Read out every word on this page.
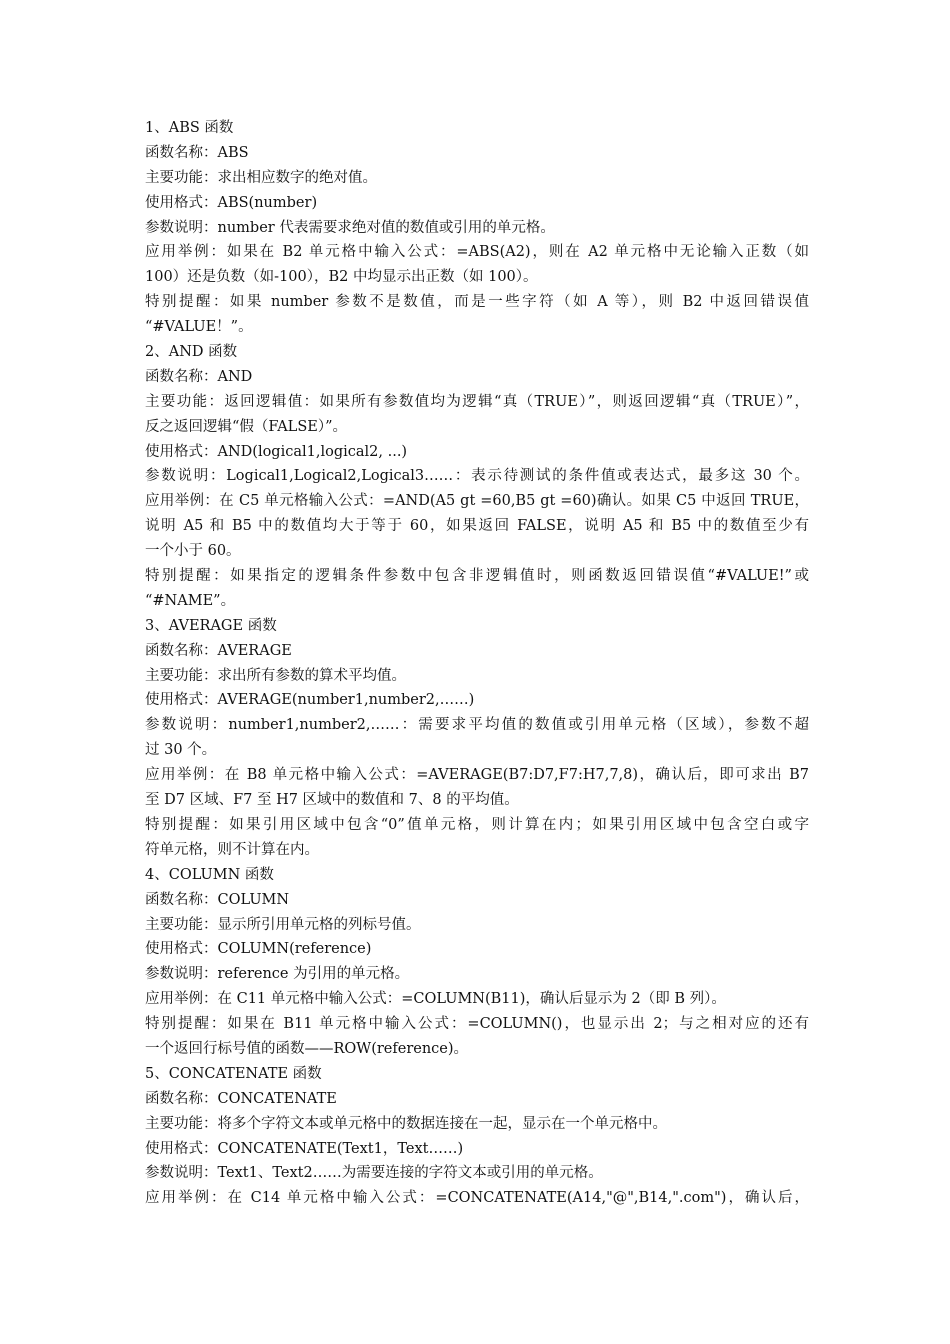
1、ABS 函数
函数名称：ABS
主要功能：求出相应数字的绝对值。
使用格式：ABS(number)
参数说明：number 代表需要求绝对值的数值或引用的单元格。
应用举例：如果在 B2 单元格中输入公式：=ABS(A2)，则在 A2 单元格中无论输入正数（如
100）还是负数（如-100），B2 中均显示出正数（如 100）。
特别提醒：如果 number 参数不是数值，而是一些字符（如 A 等），则 B2 中返回错误值
“#VALUE！”。
2、AND 函数
函数名称：AND
主要功能：返回逻辑值：如果所有参数值均为逻辑“真（TRUE）”，则返回逻辑“真（TRUE）”，
反之返回逻辑“假（FALSE）”。
使用格式：AND(logical1,logical2, ...)
参数说明：Logical1,Logical2,Logical3……：表示待测试的条件值或表达式，最多这 30 个。
应用举例：在 C5 单元格输入公式：=AND(A5 gt =60,B5 gt =60)确认。如果 C5 中返回 TRUE，
说明 A5 和 B5 中的数值均大于等于 60，如果返回 FALSE，说明 A5 和 B5 中的数值至少有
一个小于 60。
特别提醒：如果指定的逻辑条件参数中包含非逻辑值时，则函数返回错误值“#VALUE!”或
“#NAME”。
3、AVERAGE 函数
函数名称：AVERAGE
主要功能：求出所有参数的算术平均值。
使用格式：AVERAGE(number1,number2,……)
参数说明：number1,number2,……：需要求平均值的数值或引用单元格（区域），参数不超
过 30 个。
应用举例：在 B8 单元格中输入公式：=AVERAGE(B7:D7,F7:H7,7,8)，确认后，即可求出 B7
至 D7 区域、F7 至 H7 区域中的数值和 7、8 的平均值。
特别提醒：如果引用区域中包含“0”值单元格，则计算在内；如果引用区域中包含空白或字
符单元格，则不计算在内。
4、COLUMN 函数
函数名称：COLUMN
主要功能：显示所引用单元格的列标号值。
使用格式：COLUMN(reference)
参数说明：reference 为引用的单元格。
应用举例：在 C11 单元格中输入公式：=COLUMN(B11)，确认后显示为 2（即 B 列）。
特别提醒：如果在 B11 单元格中输入公式：=COLUMN()，也显示出 2；与之相对应的还有
一个返回行标号值的函数——ROW(reference)。
5、CONCATENATE 函数
函数名称：CONCATENATE
主要功能：将多个字符文本或单元格中的数据连接在一起，显示在一个单元格中。
使用格式：CONCATENATE(Text1，Text……)
参数说明：Text1、Text2……为需要连接的字符文本或引用的单元格。
应用举例：在 C14 单元格中输入公式：=CONCATENATE(A14,"@",B14,".com")，确认后，
